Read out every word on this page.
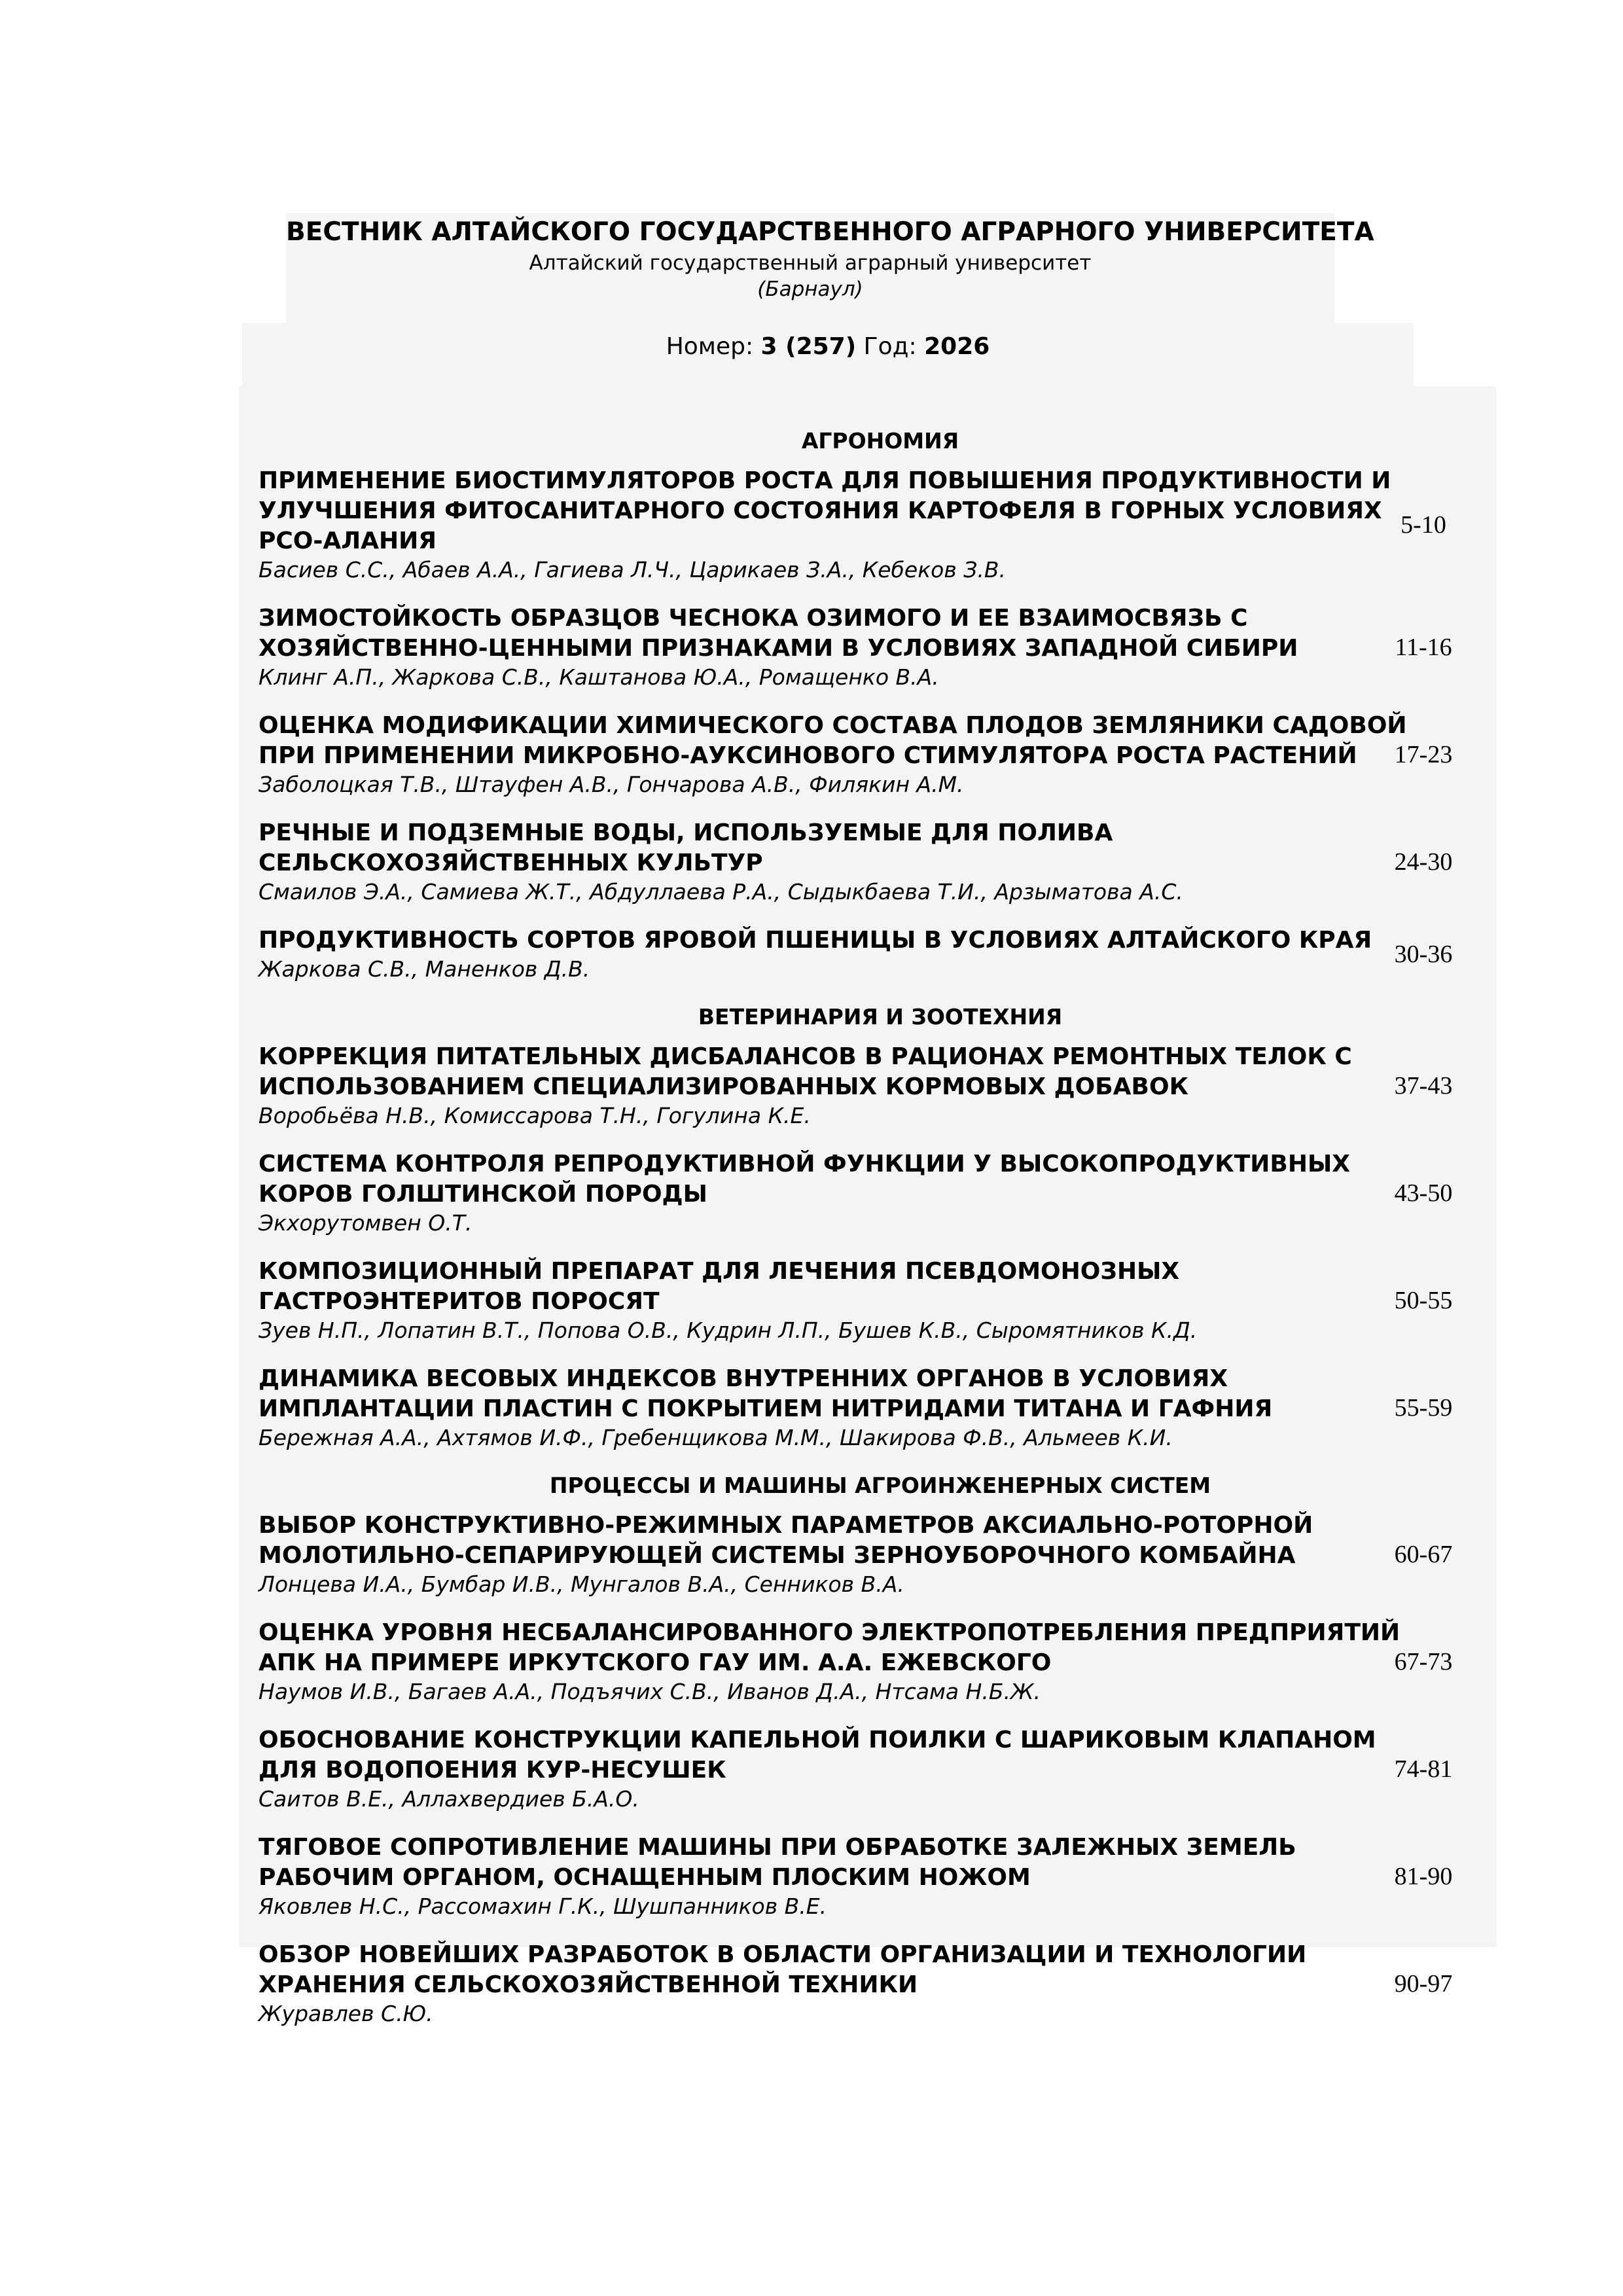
ВЕСТНИК АЛТАЙСКОГО ГОСУДАРСТВЕННОГО АГРАРНОГО УНИВЕРСИТЕТА
Алтайский государственный аграрный университет
(Барнаул)
Номер: 3 (257) Год: 2026
АГРОНОМИЯ
ПРИМЕНЕНИЕ БИОСТИМУЛЯТОРОВ РОСТА ДЛЯ ПОВЫШЕНИЯ ПРОДУКТИВНОСТИ И
УЛУЧШЕНИЯ ФИТОСАНИТАРНОГО СОСТОЯНИЯ КАРТОФЕЛЯ В ГОРНЫХ УСЛОВИЯХ
РСО-АЛАНИЯ
Басиев С.С., Абаев А.А., Гагиева Л.Ч., Царикаев З.А., Кебеков З.В.
5-10
ЗИМОСТОЙКОСТЬ ОБРАЗЦОВ ЧЕСНОКА ОЗИМОГО И ЕЕ ВЗАИМОСВЯЗЬ С
ХОЗЯЙСТВЕННО-ЦЕННЫМИ ПРИЗНАКАМИ В УСЛОВИЯХ ЗАПАДНОЙ СИБИРИ
Клинг А.П., Жаркова С.В., Каштанова Ю.А., Ромащенко В.А.
11-16
ОЦЕНКА МОДИФИКАЦИИ ХИМИЧЕСКОГО СОСТАВА ПЛОДОВ ЗЕМЛЯНИКИ САДОВОЙ
ПРИ ПРИМЕНЕНИИ МИКРОБНО-АУКСИНОВОГО СТИМУЛЯТОРА РОСТА РАСТЕНИЙ
Заболоцкая Т.В., Штауфен А.В., Гончарова А.В., Филякин А.М.
17-23
РЕЧНЫЕ И ПОДЗЕМНЫЕ ВОДЫ, ИСПОЛЬЗУЕМЫЕ ДЛЯ ПОЛИВА
СЕЛЬСКОХОЗЯЙСТВЕННЫХ КУЛЬТУР
Смаилов Э.А., Самиева Ж.Т., Абдуллаева Р.А., Сыдыкбаева Т.И., Арзыматова А.С.
24-30
ПРОДУКТИВНОСТЬ СОРТОВ ЯРОВОЙ ПШЕНИЦЫ В УСЛОВИЯХ АЛТАЙСКОГО КРАЯ
Жаркова С.В., Маненков Д.В.
30-36
ВЕТЕРИНАРИЯ И ЗООТЕХНИЯ
КОРРЕКЦИЯ ПИТАТЕЛЬНЫХ ДИСБАЛАНСОВ В РАЦИОНАХ РЕМОНТНЫХ ТЕЛОК С
ИСПОЛЬЗОВАНИЕМ СПЕЦИАЛИЗИРОВАННЫХ КОРМОВЫХ ДОБАВОК
Воробьёва Н.В., Комиссарова Т.Н., Гогулина К.Е.
37-43
СИСТЕМА КОНТРОЛЯ РЕПРОДУКТИВНОЙ ФУНКЦИИ У ВЫСОКОПРОДУКТИВНЫХ
КОРОВ ГОЛШТИНСКОЙ ПОРОДЫ
Экхорутомвен О.Т.
43-50
КОМПОЗИЦИОННЫЙ ПРЕПАРАТ ДЛЯ ЛЕЧЕНИЯ ПСЕВДОМОНОЗНЫХ
ГАСТРОЭНТЕРИТОВ ПОРОСЯТ
Зуев Н.П., Лопатин В.Т., Попова О.В., Кудрин Л.П., Бушев К.В., Сыромятников К.Д.
50-55
ДИНАМИКА ВЕСОВЫХ ИНДЕКСОВ ВНУТРЕННИХ ОРГАНОВ В УСЛОВИЯХ
ИМПЛАНТАЦИИ ПЛАСТИН С ПОКРЫТИЕМ НИТРИДАМИ ТИТАНА И ГАФНИЯ
Бережная А.А., Ахтямов И.Ф., Гребенщикова М.М., Шакирова Ф.В., Альмеев К.И.
55-59
ПРОЦЕССЫ И МАШИНЫ АГРОИНЖЕНЕРНЫХ СИСТЕМ
ВЫБОР КОНСТРУКТИВНО-РЕЖИМНЫХ ПАРАМЕТРОВ АКСИАЛЬНО-РОТОРНОЙ
МОЛОТИЛЬНО-СЕПАРИРУЮЩЕЙ СИСТЕМЫ ЗЕРНОУБОРОЧНОГО КОМБАЙНА
Лонцева И.А., Бумбар И.В., Мунгалов В.А., Сенников В.А.
60-67
ОЦЕНКА УРОВНЯ НЕСБАЛАНСИРОВАННОГО ЭЛЕКТРОПОТРЕБЛЕНИЯ ПРЕДПРИЯТИЙ
АПК НА ПРИМЕРЕ ИРКУТСКОГО ГАУ ИМ. А.А. ЕЖЕВСКОГО
Наумов И.В., Багаев А.А., Подъячих С.В., Иванов Д.А., Нтсама Н.Б.Ж.
67-73
ОБОСНОВАНИЕ КОНСТРУКЦИИ КАПЕЛЬНОЙ ПОИЛКИ С ШАРИКОВЫМ КЛАПАНОМ
ДЛЯ ВОДОПОЕНИЯ КУР-НЕСУШЕК
Саитов В.Е., Аллахвердиев Б.А.О.
74-81
ТЯГОВОЕ СОПРОТИВЛЕНИЕ МАШИНЫ ПРИ ОБРАБОТКЕ ЗАЛЕЖНЫХ ЗЕМЕЛЬ
РАБОЧИМ ОРГАНОМ, ОСНАЩЕННЫМ ПЛОСКИМ НОЖОМ
Яковлев Н.С., Рассомахин Г.К., Шушпанников В.Е.
81-90
ОБЗОР НОВЕЙШИХ РАЗРАБОТОК В ОБЛАСТИ ОРГАНИЗАЦИИ И ТЕХНОЛОГИИ
ХРАНЕНИЯ СЕЛЬСКОХОЗЯЙСТВЕННОЙ ТЕХНИКИ
Журавлев С.Ю.
90-97
